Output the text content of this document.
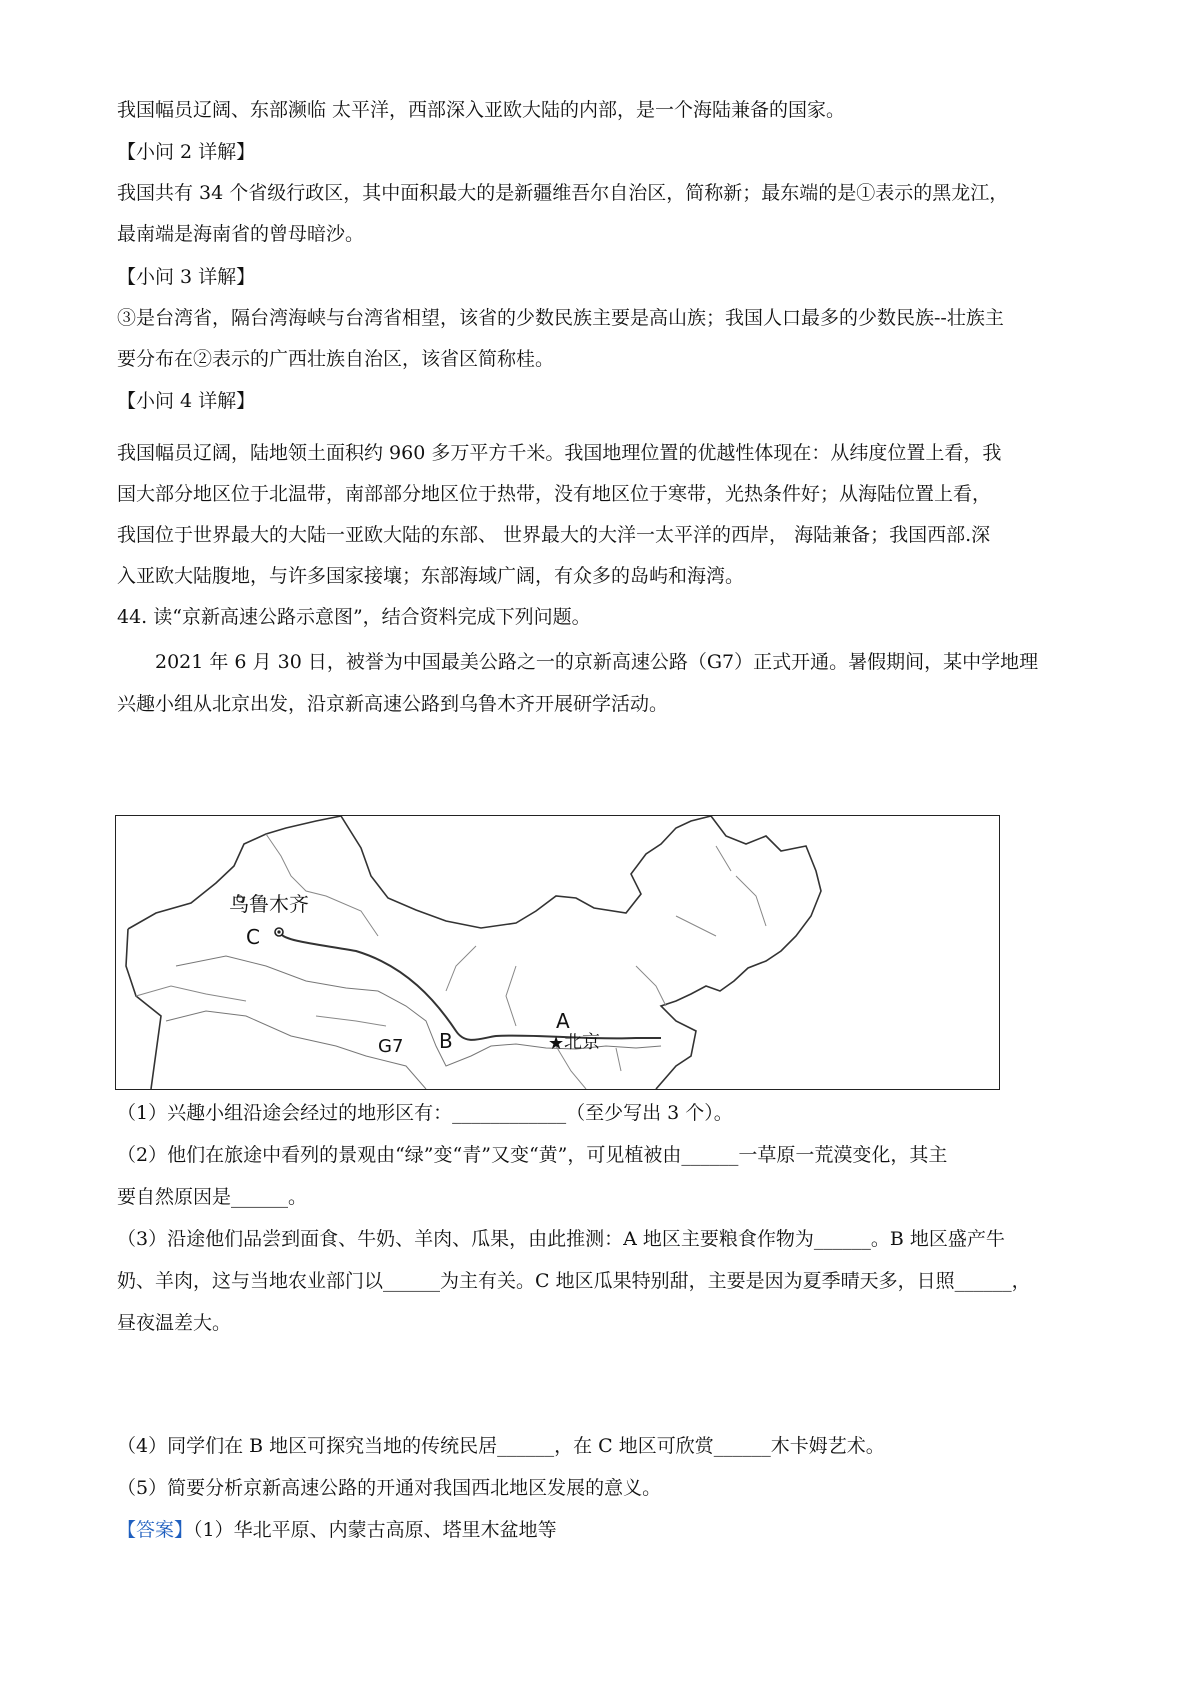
我国幅员辽阔、东部濒临 太平洋，西部深入亚欧大陆的内部，是一个海陆兼备的国家。
【小问 2 详解】
我国共有 34 个省级行政区，其中面积最大的是新疆维吾尔自治区，简称新；最东端的是①表示的黑龙江，
最南端是海南省的曾母暗沙。
【小问 3 详解】
③是台湾省，隔台湾海峡与台湾省相望，该省的少数民族主要是高山族；我国人口最多的少数民族--壮族主
要分布在②表示的广西壮族自治区，该省区简称桂。
【小问 4 详解】
我国幅员辽阔，陆地领土面积约 960 多万平方千米。我国地理位置的优越性体现在：从纬度位置上看，我
国大部分地区位于北温带，南部部分地区位于热带，没有地区位于寒带，光热条件好；从海陆位置上看，
我国位于世界最大的大陆一亚欧大陆的东部、 世界最大的大洋一太平洋的西岸， 海陆兼备；我国西部.深
入亚欧大陆腹地，与许多国家接壤；东部海域广阔，有众多的岛屿和海湾。
44. 读“京新高速公路示意图”，结合资料完成下列问题。
2021 年 6 月 30 日，被誉为中国最美公路之一的京新高速公路（G7）正式开通。暑假期间，某中学地理
兴趣小组从北京出发，沿京新高速公路到乌鲁木齐开展研学活动。
乌鲁木齐
C
G7 B
A
★ 北京
（1）兴趣小组沿途会经过的地形区有：____________（至少写出 3 个）。
（2）他们在旅途中看列的景观由“绿”变“青”又变“黄”，可见植被由______一草原一荒漠变化，其主
要自然原因是______。
（3）沿途他们品尝到面食、牛奶、羊肉、瓜果，由此推测：A 地区主要粮食作物为______。B 地区盛产牛
奶、羊肉，这与当地农业部门以______为主有关。C 地区瓜果特别甜，主要是因为夏季晴天多，日照______，
昼夜温差大。
（4）同学们在 B 地区可探究当地的传统民居______，在 C 地区可欣赏______木卡姆艺术。
（5）简要分析京新高速公路的开通对我国西北地区发展的意义。
【答案】（1）华北平原、内蒙古高原、塔里木盆地等
